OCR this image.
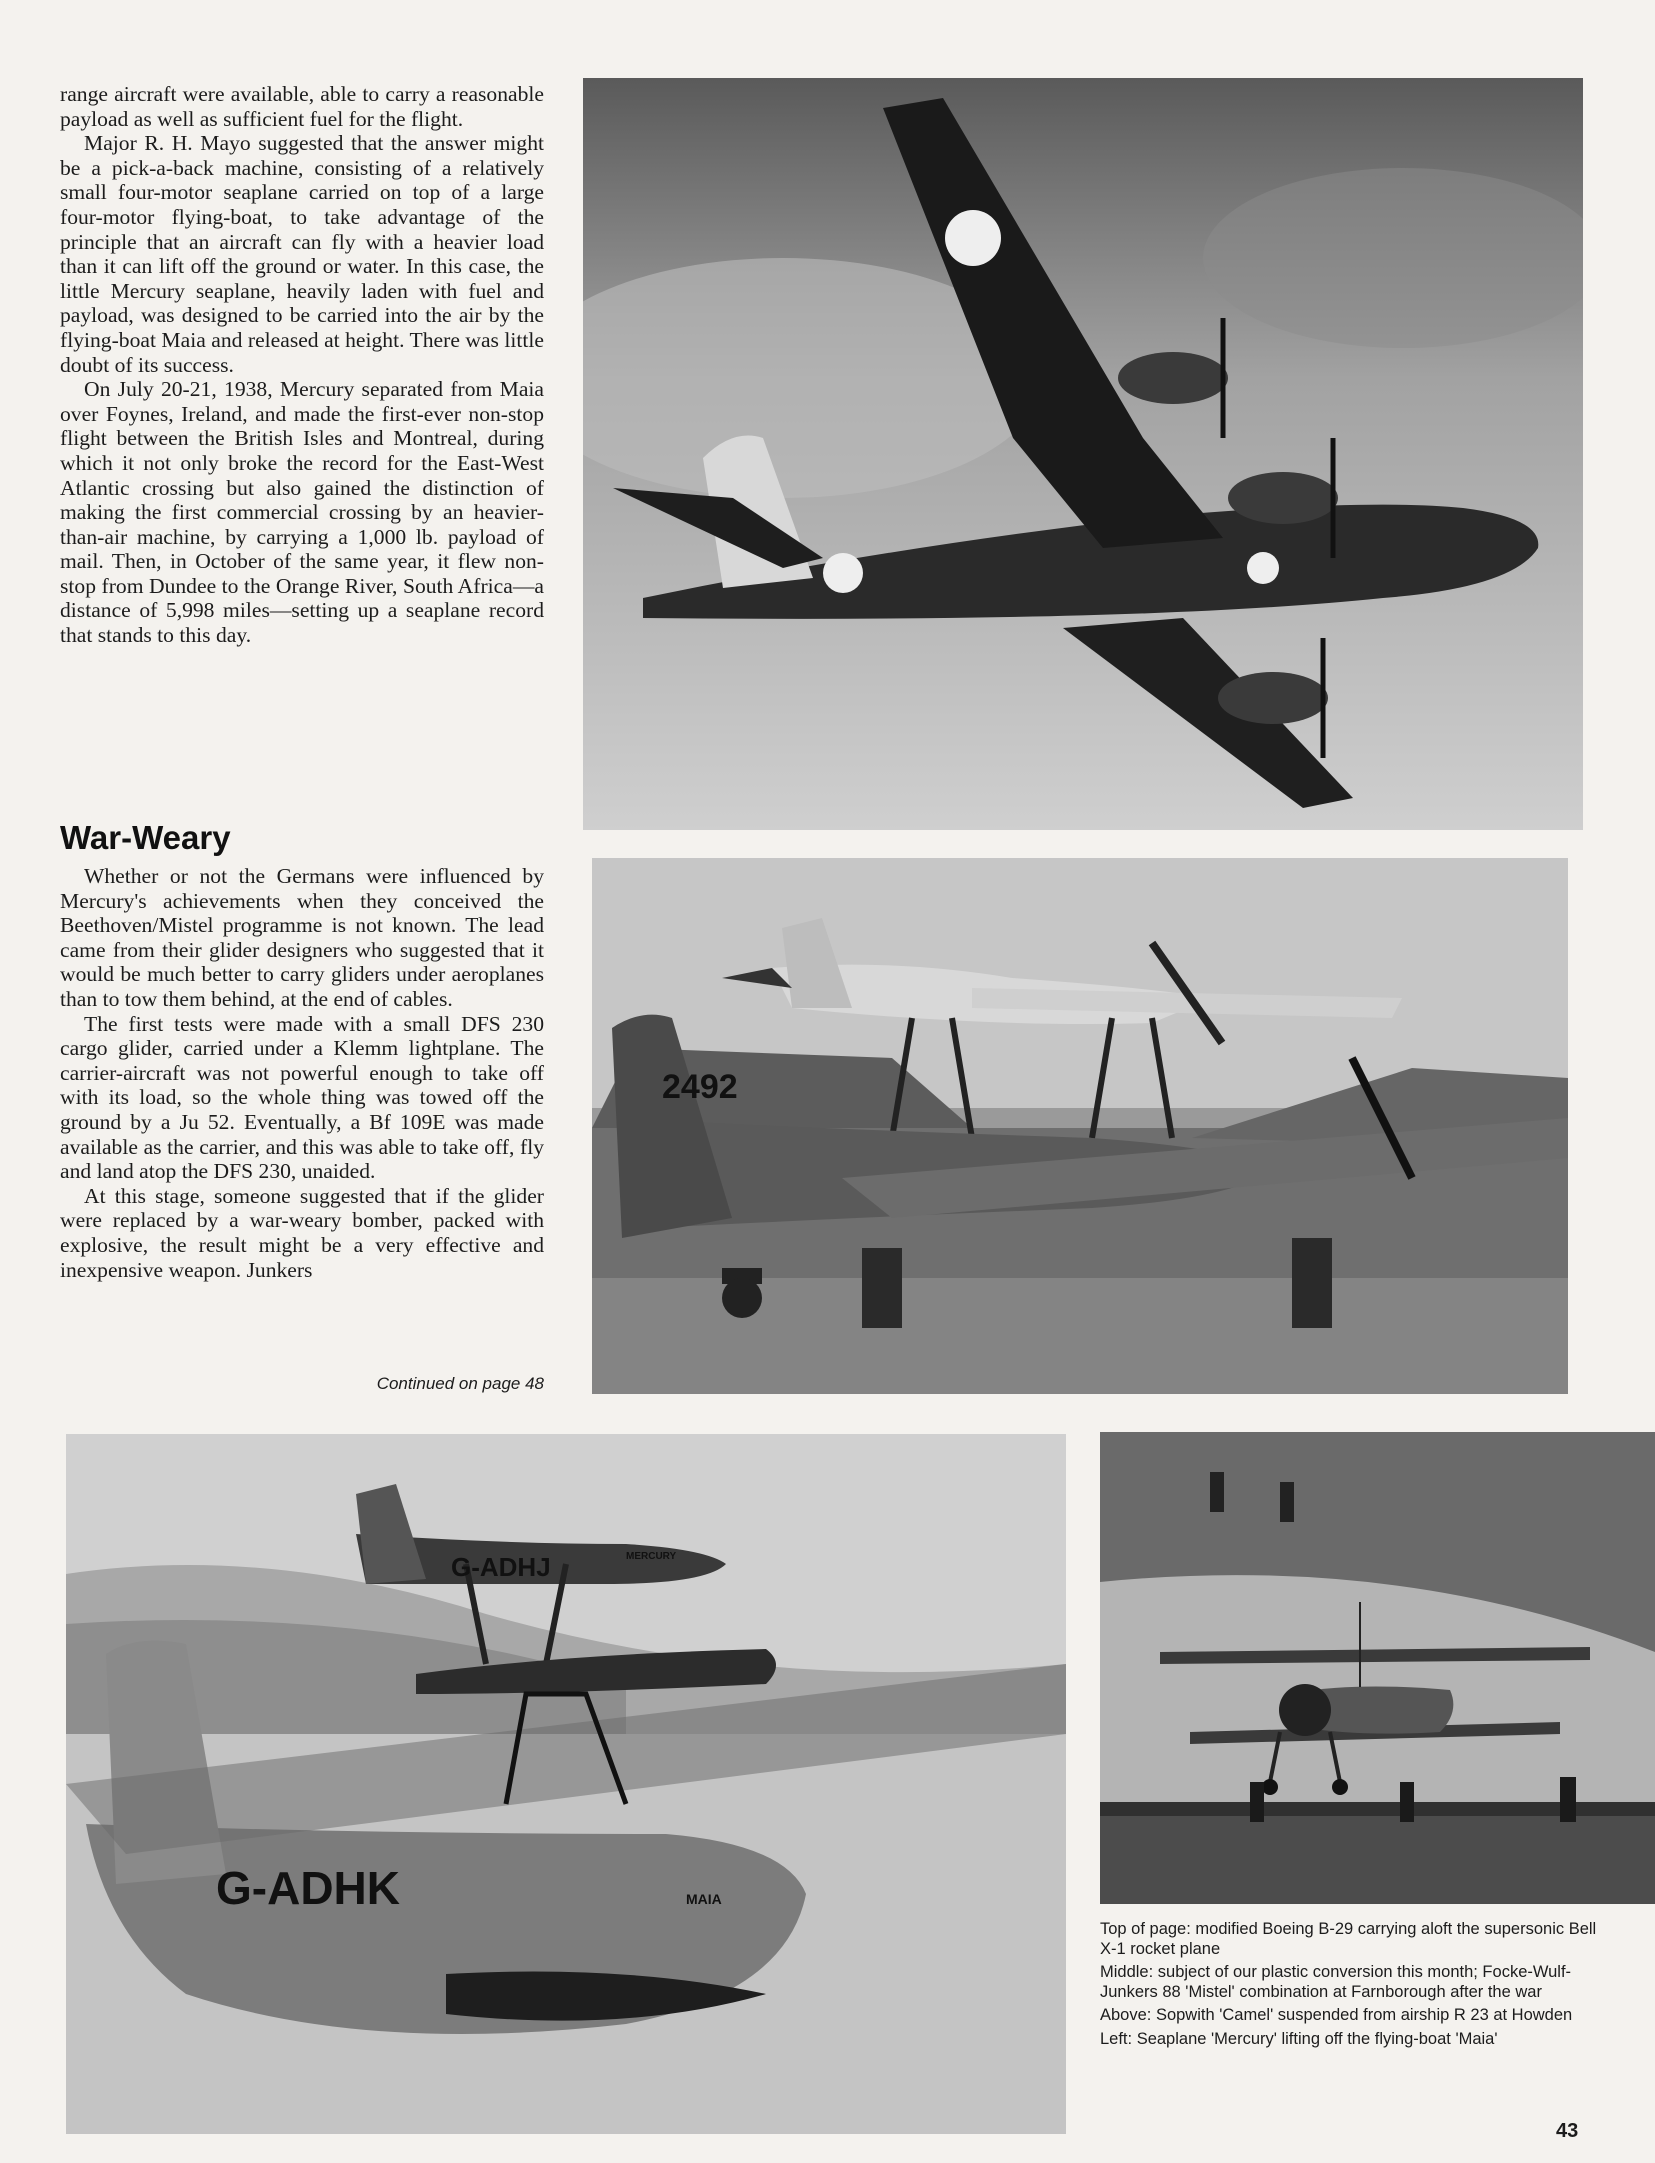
range aircraft were available, able to carry a reasonable payload as well as sufficient fuel for the flight.

Major R. H. Mayo suggested that the answer might be a pick-a-back machine, consisting of a relatively small four-motor seaplane carried on top of a large four-motor flying-boat, to take advantage of the principle that an aircraft can fly with a heavier load than it can lift off the ground or water. In this case, the little Mercury seaplane, heavily laden with fuel and payload, was designed to be carried into the air by the flying-boat Maia and released at height. There was little doubt of its success.

On July 20-21, 1938, Mercury separated from Maia over Foynes, Ireland, and made the first-ever non-stop flight between the British Isles and Montreal, during which it not only broke the record for the East-West Atlantic crossing but also gained the distinction of making the first commercial crossing by an heavier-than-air machine, by carrying a 1,000 lb. payload of mail. Then, in October of the same year, it flew non-stop from Dundee to the Orange River, South Africa—a distance of 5,998 miles—setting up a seaplane record that stands to this day.

War-Weary

Whether or not the Germans were influenced by Mercury's achievements when they conceived the Beethoven/Mistel programme is not known. The lead came from their glider designers who suggested that it would be much better to carry gliders under aeroplanes than to tow them behind, at the end of cables.

The first tests were made with a small DFS 230 cargo glider, carried under a Klemm lightplane. The carrier-aircraft was not powerful enough to take off with its load, so the whole thing was towed off the ground by a Ju 52. Eventually, a Bf 109E was made available as the carrier, and this was able to take off, fly and land atop the DFS 230, unaided.

At this stage, someone suggested that if the glider were replaced by a war-weary bomber, packed with explosive, the result might be a very effective and inexpensive weapon. Junkers

Continued on page 48
2492
G-ADHJ	MERCURY
G-ADHK	MAIA

Top of page: modified Boeing B-29 carrying aloft the supersonic Bell X-1 rocket plane

Middle: subject of our plastic conversion this month; Focke-Wulf-Junkers 88 'Mistel' combination at Farnborough after the war

Above: Sopwith 'Camel' suspended from airship R 23 at Howden

Left: Seaplane 'Mercury' lifting off the flying-boat 'Maia'

43
